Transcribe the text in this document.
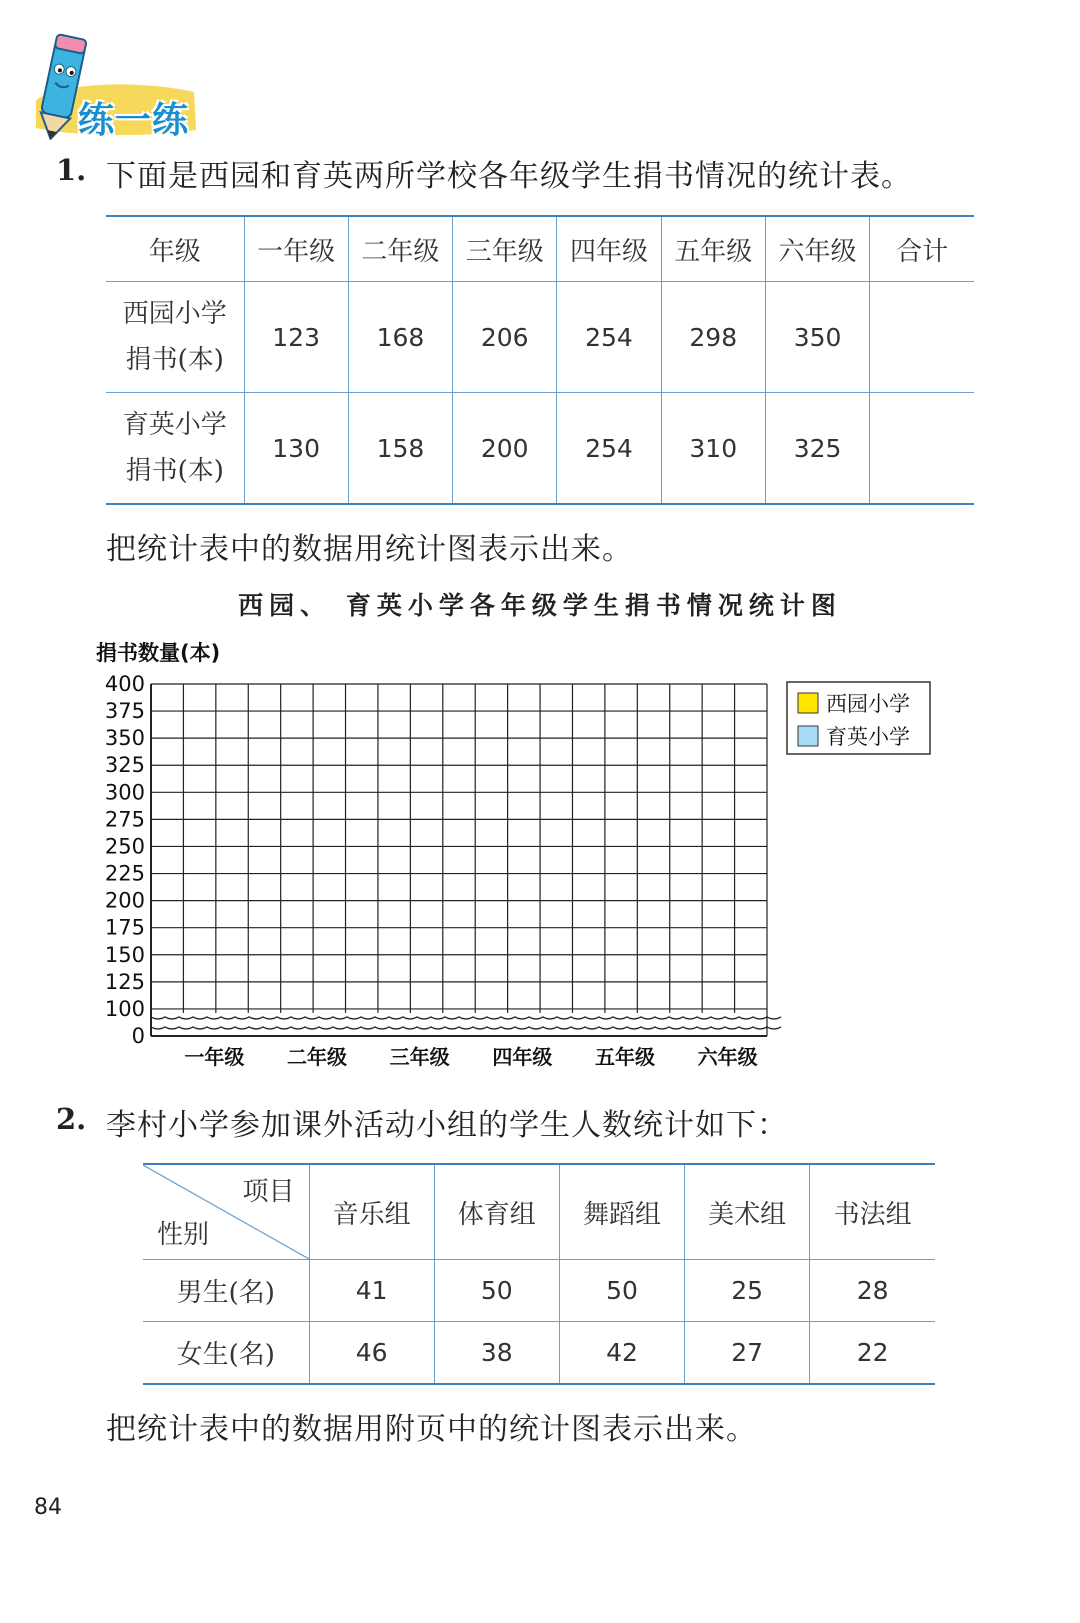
练一练
1. 下面是西园和育英两所学校各年级学生捐书情况的统计表。
年级	一年级	二年级	三年级	四年级	五年级	六年级	合计

西园小学
捐书(本)	123	168	206	254	298	350	

育英小学
捐书(本)	130	158	200	254	310	325	
把统计表中的数据用统计图表示出来。
西园、 育英小学各年级学生捐书情况统计图
捐书数量(本)
400
375
350
325
300
275
250
225
200
175
150
125
100
0
一年级 二年级 三年级 四年级 五年级 六年级
西园小学
育英小学
2. 李村小学参加课外活动小组的学生人数统计如下：
项目
性别	音乐组	体育组	舞蹈组	美术组	书法组
男生(名)	41	50	50	25	28
女生(名)	46	38	42	27	22
把统计表中的数据用附页中的统计图表示出来。
84
